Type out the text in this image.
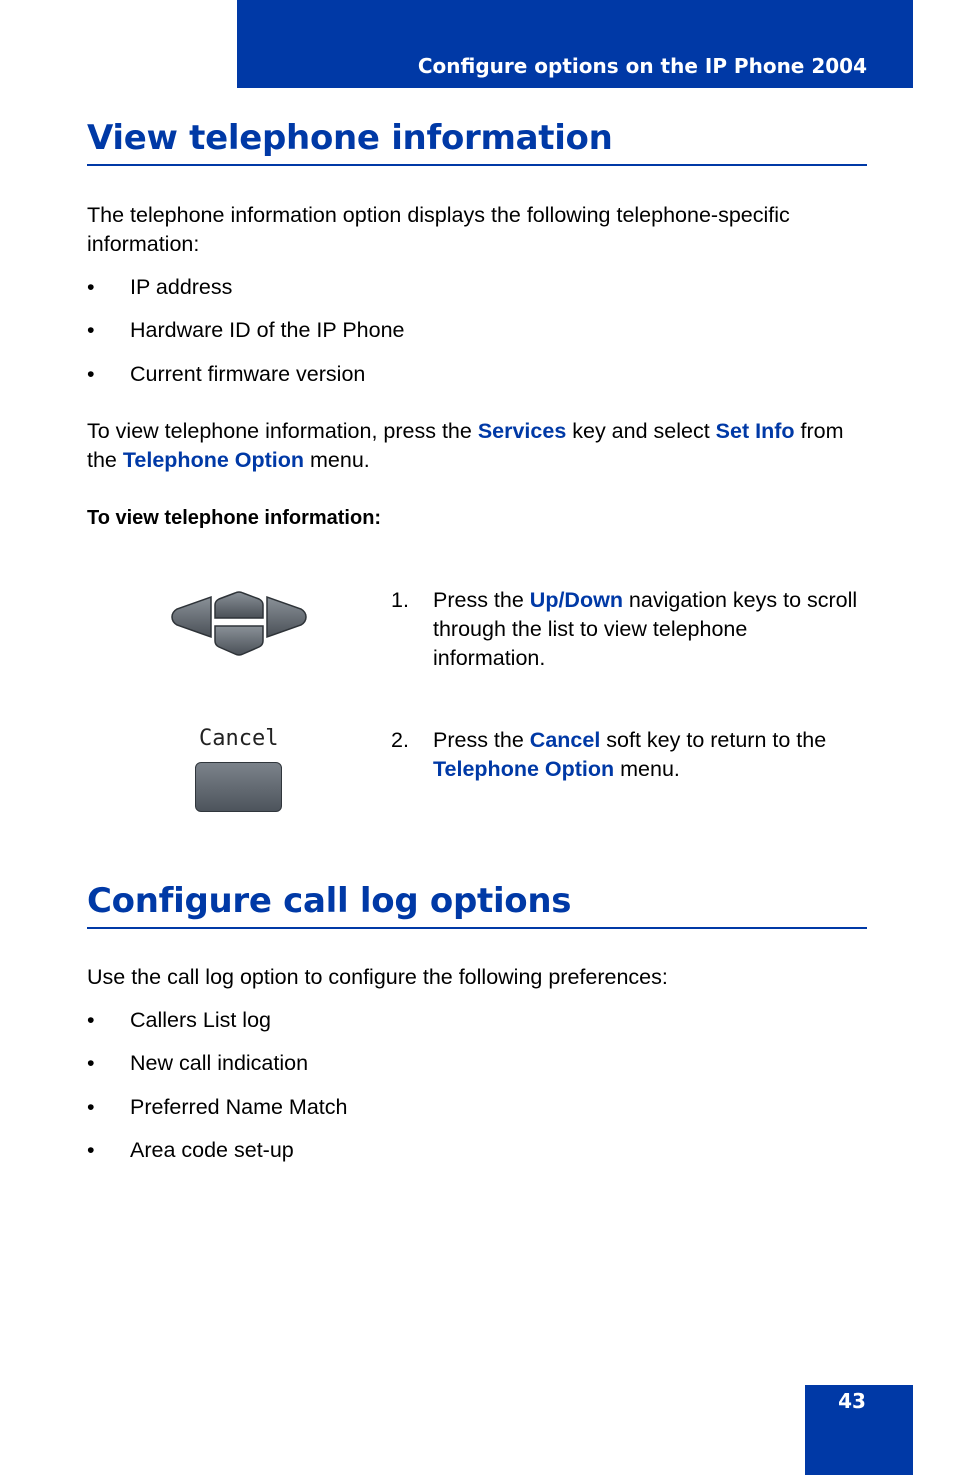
Configure options on the IP Phone 2004
View telephone information
The telephone information option displays the following telephone-specific information:
• IP address
• Hardware ID of the IP Phone
• Current firmware version
To view telephone information, press the Services key and select Set Info from the Telephone Option menu.
To view telephone information:
1. Press the Up/Down navigation keys to scroll through the list to view telephone information.
Cancel	2. Press the Cancel soft key to return to the Telephone Option menu.
Configure call log options
Use the call log option to configure the following preferences:
• Callers List log
• New call indication
• Preferred Name Match
• Area code set-up
43
